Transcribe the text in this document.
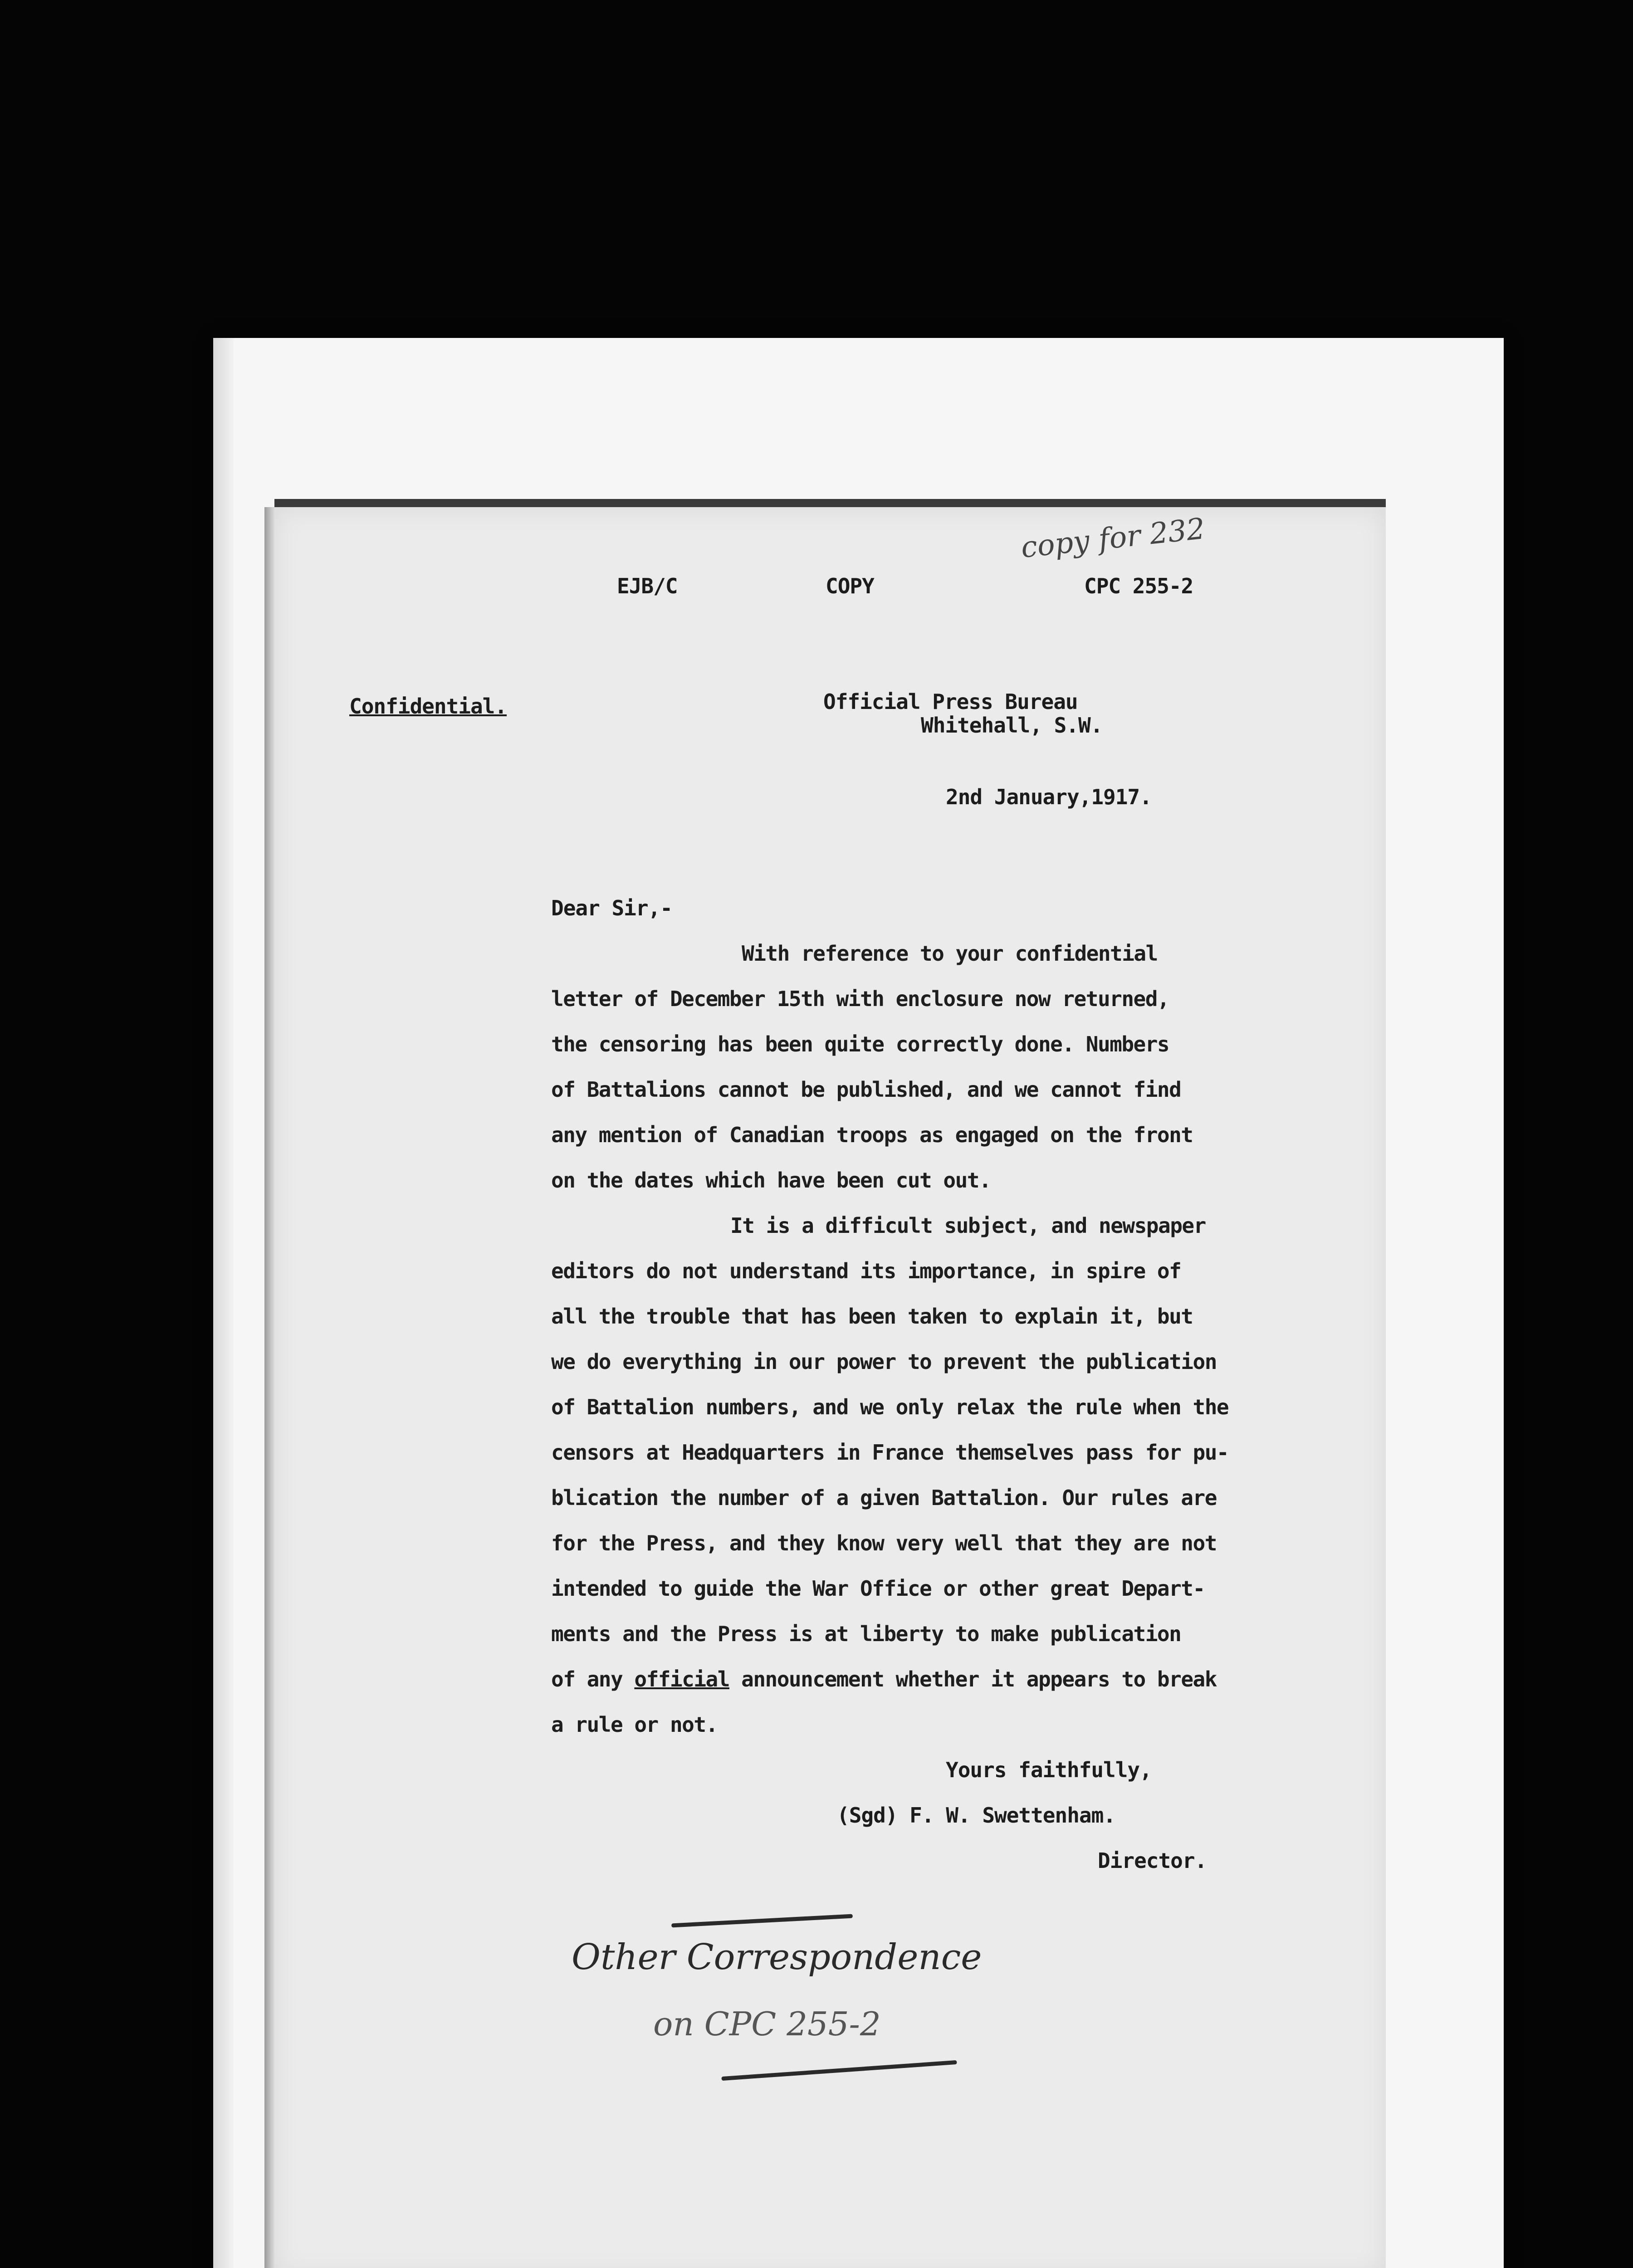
EJB/C	COPY	CPC 255-2
copy for 232
Confidential.	Official Press Bureau
Whitehall, S.W.
2nd January,1917.
Dear Sir,-
With reference to your confidential
letter of December 15th with enclosure now returned,
the censoring has been quite correctly done. Numbers
of Battalions cannot be published, and we cannot find
any mention of Canadian troops as engaged on the front
on the dates which have been cut out.
It is a difficult subject, and newspaper
editors do not understand its importance, in spire of
all the trouble that has been taken to explain it, but
we do everything in our power to prevent the publication
of Battalion numbers, and we only relax the rule when the
censors at Headquarters in France themselves pass for pu-
blication the number of a given Battalion. Our rules are
for the Press, and they know very well that they are not
intended to guide the War Office or other great Depart-
ments and the Press is at liberty to make publication
of any official announcement whether it appears to break
a rule or not.
Yours faithfully,
(Sgd) F. W. Swettenham.
Director.
Other Correspondence
on CPC 255-2
